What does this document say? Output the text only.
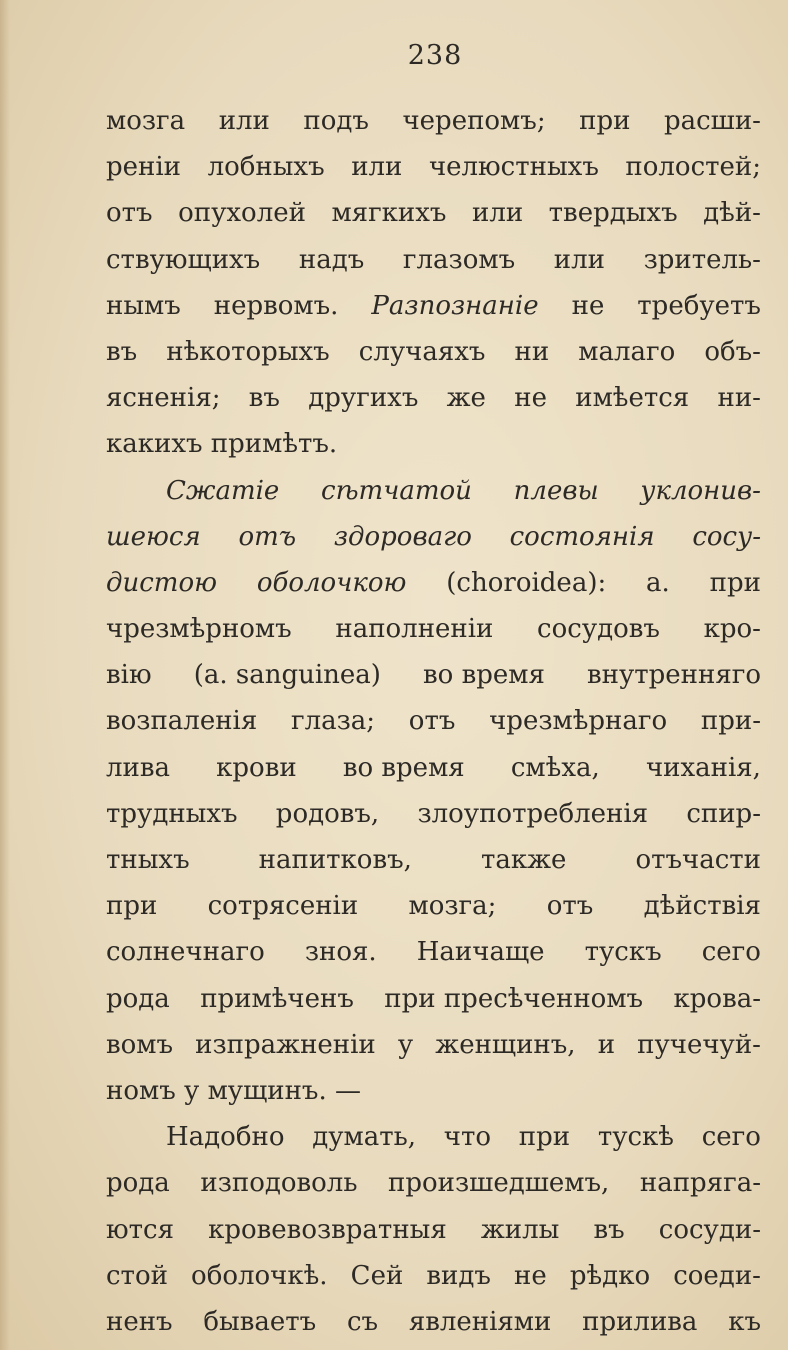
238
мозга или подъ черепомъ; при расши-
реніи лобныхъ или челюстныхъ полостей;
отъ опухолей мягкихъ или твердыхъ дѣй-
ствующихъ надъ глазомъ или зритель-
нымъ нервомъ. Разпознаніе не требуетъ
въ нѣкоторыхъ случаяхъ ни малаго объ-
ясненія; въ другихъ же не имѣется ни-
какихъ примѣтъ.
Сжатіе сѣтчатой плевы уклонив-
шеюся отъ здороваго состоянія сосу-
дистою оболочкою (choroidea): а. при
чрезмѣрномъ наполненіи сосудовъ кро-
вію (a. sanguinea) во время внутренняго
возпаленія глаза; отъ чрезмѣрнаго при-
лива крови во время смѣха, чиханія,
трудныхъ родовъ, злоупотребленія спир-
тныхъ	напитковъ,	также	отъчасти
при сотрясеніи мозга; отъ дѣйствія
солнечнаго зноя. Наичаще тускъ сего
рода примѣченъ при пресѣченномъ крова-
вомъ изпражненіи у женщинъ, и пучечуй-
номъ у мущинъ. —
Надобно думать, что при тускѣ сего
рода изподоволь произшедшемъ, напряга-
ются кровевозвратныя жилы въ сосуди-
стой оболочкѣ. Сей видъ не рѣдко соеди-
ненъ бываетъ съ явленіями прилива къ
